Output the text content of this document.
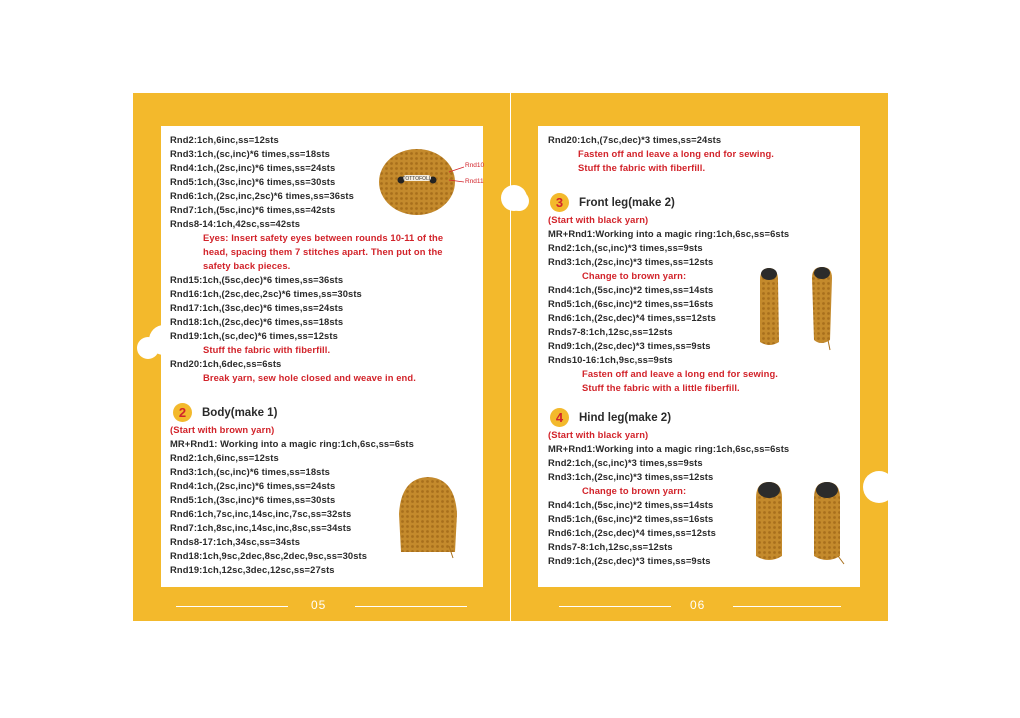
Rnd2:1ch,6inc,ss=12sts
Rnd3:1ch,(sc,inc)*6 times,ss=18sts
Rnd4:1ch,(2sc,inc)*6 times,ss=24sts
Rnd5:1ch,(3sc,inc)*6 times,ss=30sts
Rnd6:1ch,(2sc,inc,2sc)*6 times,ss=36sts
Rnd7:1ch,(5sc,inc)*6 times,ss=42sts
Rnds8-14:1ch,42sc,ss=42sts
Eyes: Insert safety eyes between rounds 10-11 of the
head, spacing them 7 stitches apart. Then put on the
safety back pieces.
Rnd15:1ch,(5sc,dec)*6 times,ss=36sts
Rnd16:1ch,(2sc,dec,2sc)*6 times,ss=30sts
Rnd17:1ch,(3sc,dec)*6 times,ss=24sts
Rnd18:1ch,(2sc,dec)*6 times,ss=18sts
Rnd19:1ch,(sc,dec)*6 times,ss=12sts
Stuff the fabric with fiberfill.
Rnd20:1ch,6dec,ss=6sts
Break yarn, sew hole closed and weave in end.
TOTTOFOLL
Rnd10
Rnd11
2	Body(make 1)
(Start with brown yarn)
MR+Rnd1: Working into a magic ring:1ch,6sc,ss=6sts
Rnd2:1ch,6inc,ss=12sts
Rnd3:1ch,(sc,inc)*6 times,ss=18sts
Rnd4:1ch,(2sc,inc)*6 times,ss=24sts
Rnd5:1ch,(3sc,inc)*6 times,ss=30sts
Rnd6:1ch,7sc,inc,14sc,inc,7sc,ss=32sts
Rnd7:1ch,8sc,inc,14sc,inc,8sc,ss=34sts
Rnds8-17:1ch,34sc,ss=34sts
Rnd18:1ch,9sc,2dec,8sc,2dec,9sc,ss=30sts
Rnd19:1ch,12sc,3dec,12sc,ss=27sts
05
Rnd20:1ch,(7sc,dec)*3 times,ss=24sts
Fasten off and leave a long end for sewing.
Stuff the fabric with fiberfill.
3	Front leg(make 2)
(Start with black yarn)
MR+Rnd1:Working into a magic ring:1ch,6sc,ss=6sts
Rnd2:1ch,(sc,inc)*3 times,ss=9sts
Rnd3:1ch,(2sc,inc)*3 times,ss=12sts
Change to brown yarn:
Rnd4:1ch,(5sc,inc)*2 times,ss=14sts
Rnd5:1ch,(6sc,inc)*2 times,ss=16sts
Rnd6:1ch,(2sc,dec)*4 times,ss=12sts
Rnds7-8:1ch,12sc,ss=12sts
Rnd9:1ch,(2sc,dec)*3 times,ss=9sts
Rnds10-16:1ch,9sc,ss=9sts
Fasten off and leave a long end for sewing.
Stuff the fabric with a little fiberfill.
4	Hind leg(make 2)
(Start with black yarn)
MR+Rnd1:Working into a magic ring:1ch,6sc,ss=6sts
Rnd2:1ch,(sc,inc)*3 times,ss=9sts
Rnd3:1ch,(2sc,inc)*3 times,ss=12sts
Change to brown yarn:
Rnd4:1ch,(5sc,inc)*2 times,ss=14sts
Rnd5:1ch,(6sc,inc)*2 times,ss=16sts
Rnd6:1ch,(2sc,dec)*4 times,ss=12sts
Rnds7-8:1ch,12sc,ss=12sts
Rnd9:1ch,(2sc,dec)*3 times,ss=9sts
06
